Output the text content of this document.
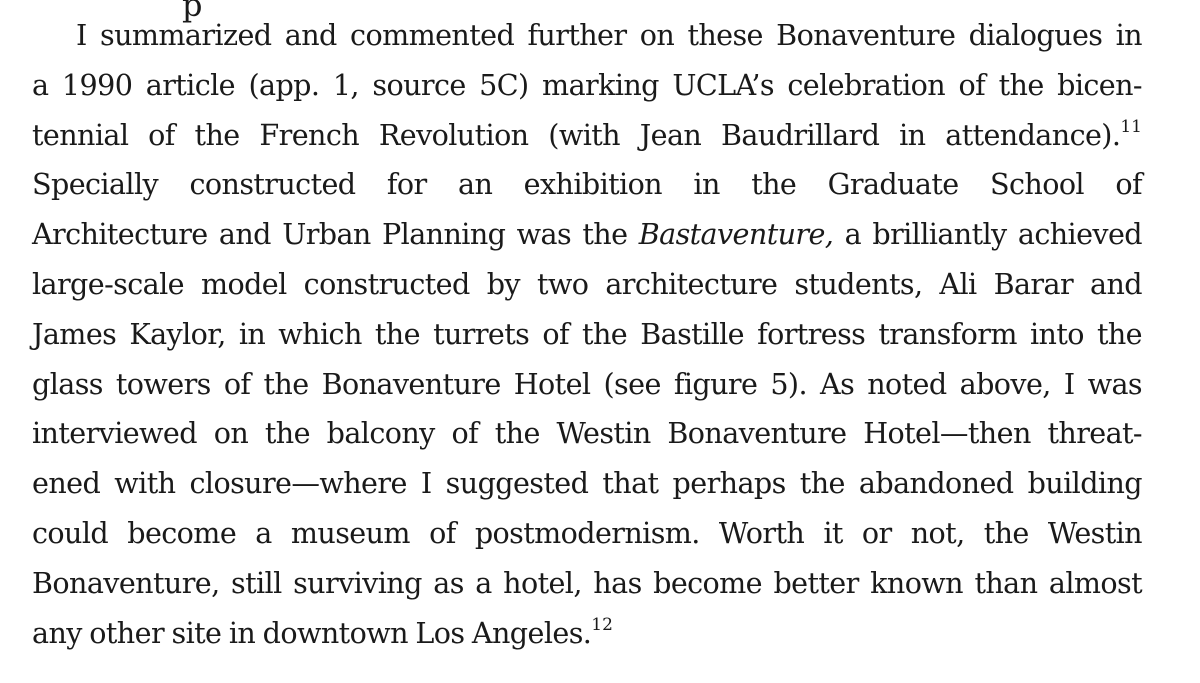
p
I summarized and commented further on these Bonaventure dialogues in
a 1990 article (app. 1, source 5C) marking UCLA’s celebration of the bicen-
tennial of the French Revolution (with Jean Baudrillard in attendance).$^{11}$
Specially constructed for an exhibition in the Graduate School of
Architecture and Urban Planning was the Bastaventure, a brilliantly achieved
large-scale model constructed by two architecture students, Ali Barar and
James Kaylor, in which the turrets of the Bastille fortress transform into the
glass towers of the Bonaventure Hotel (see figure 5). As noted above, I was
interviewed on the balcony of the Westin Bonaventure Hotel—then threat-
ened with closure—where I suggested that perhaps the abandoned building
could become a museum of postmodernism. Worth it or not, the Westin
Bonaventure, still surviving as a hotel, has become better known than almost
any other site in downtown Los Angeles.$^{12}$
